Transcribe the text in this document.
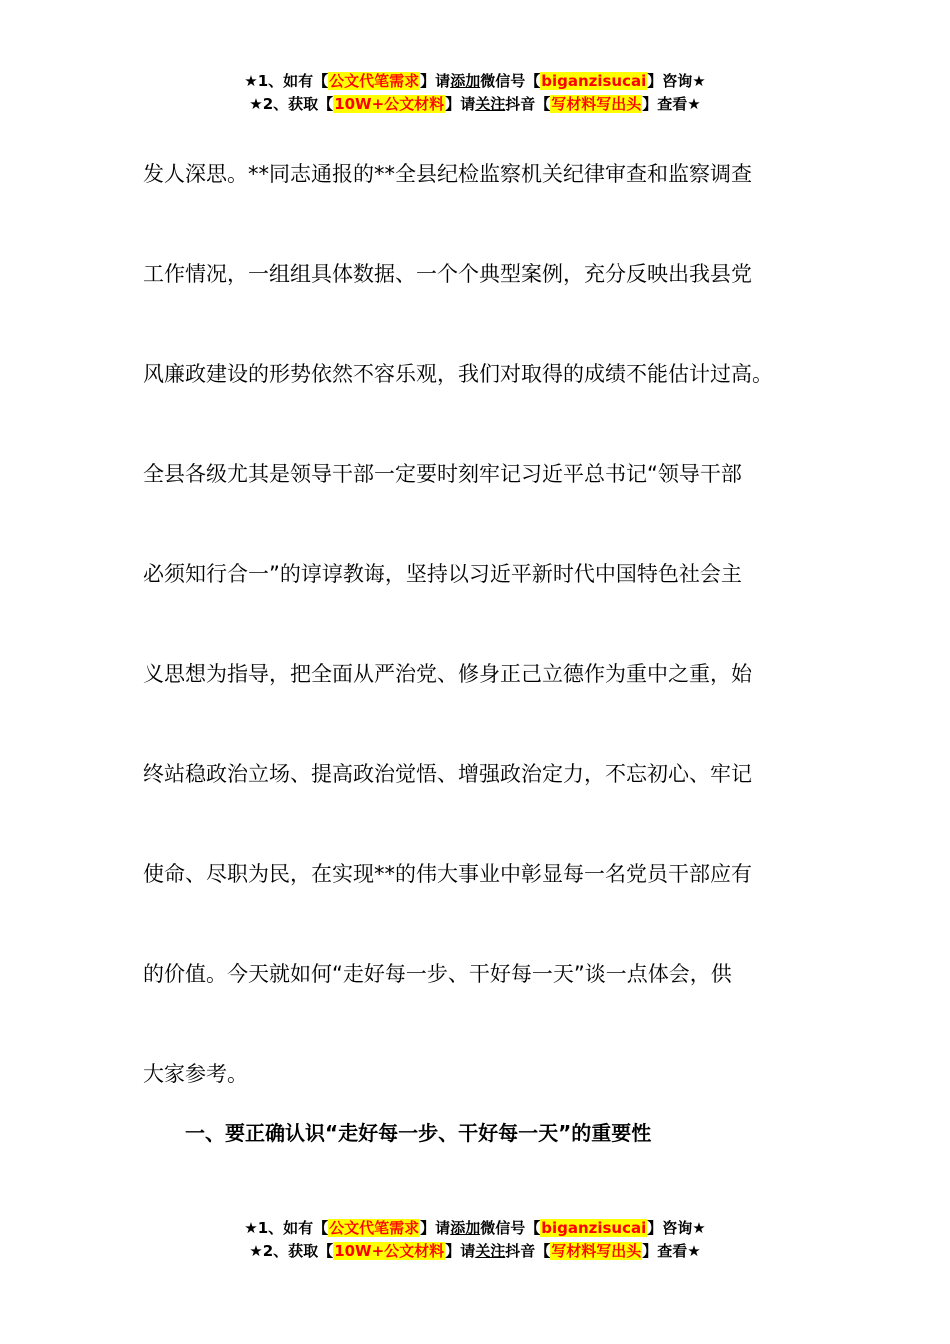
★1、如有【公文代笔需求】请添加微信号【biganzisucai】咨询★
★2、获取【10W+公文材料】请关注抖音【写材料写出头】查看★
发人深思。**同志通报的**全县纪检监察机关纪律审查和监察调查
工作情况，一组组具体数据、一个个典型案例，充分反映出我县党
风廉政建设的形势依然不容乐观，我们对取得的成绩不能估计过高。
全县各级尤其是领导干部一定要时刻牢记习近平总书记“领导干部
必须知行合一”的谆谆教诲，坚持以习近平新时代中国特色社会主
义思想为指导，把全面从严治党、修身正己立德作为重中之重，始
终站稳政治立场、提高政治觉悟、增强政治定力，不忘初心、牢记
使命、尽职为民，在实现**的伟大事业中彰显每一名党员干部应有
的价值。今天就如何“走好每一步、干好每一天”谈一点体会，供
大家参考。
一、要正确认识“走好每一步、干好每一天”的重要性
★1、如有【公文代笔需求】请添加微信号【biganzisucai】咨询★
★2、获取【10W+公文材料】请关注抖音【写材料写出头】查看★
